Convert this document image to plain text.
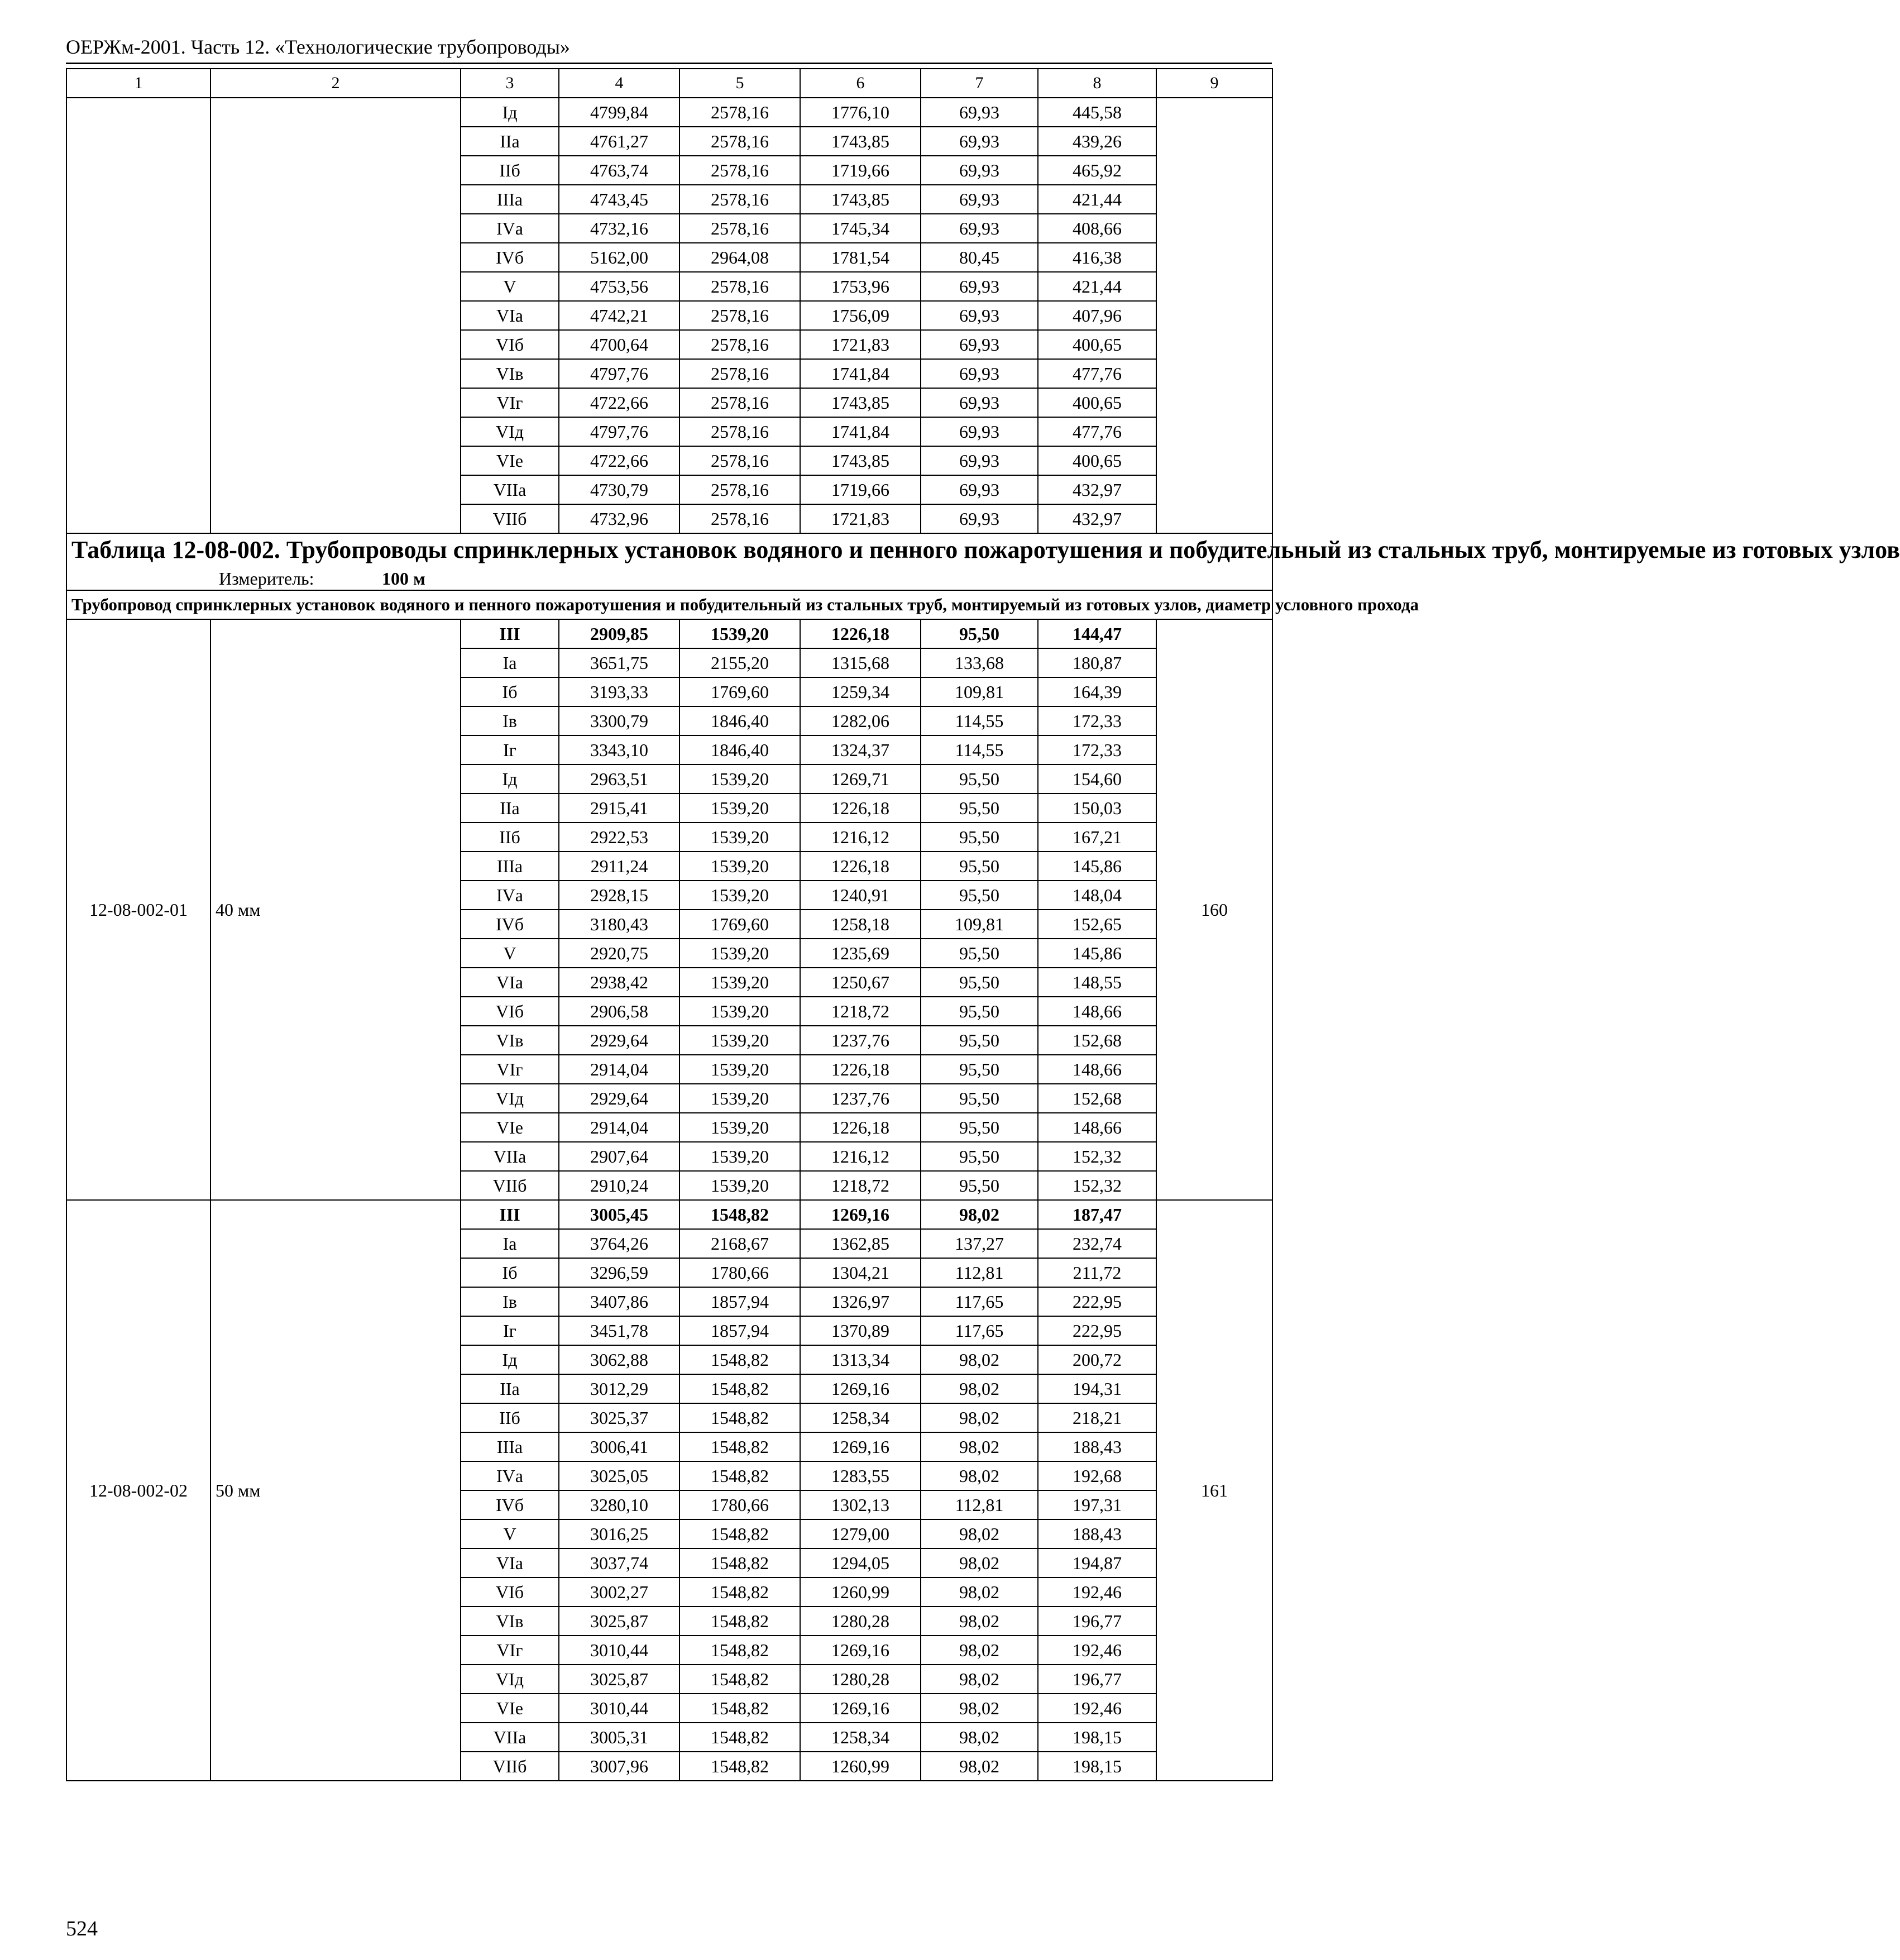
ОЕРЖм-2001. Часть 12. «Технологические трубопроводы»
1	2	3	4	5	6	7	8	9
		Iд	4799,84	2578,16	1776,10	69,93	445,58	
		IIа	4761,27	2578,16	1743,85	69,93	439,26	
		IIб	4763,74	2578,16	1719,66	69,93	465,92	
		IIIа	4743,45	2578,16	1743,85	69,93	421,44	
		IVа	4732,16	2578,16	1745,34	69,93	408,66	
		IVб	5162,00	2964,08	1781,54	80,45	416,38	
		V	4753,56	2578,16	1753,96	69,93	421,44	
		VIа	4742,21	2578,16	1756,09	69,93	407,96	
		VIб	4700,64	2578,16	1721,83	69,93	400,65	
		VIв	4797,76	2578,16	1741,84	69,93	477,76	
		VIг	4722,66	2578,16	1743,85	69,93	400,65	
		VIд	4797,76	2578,16	1741,84	69,93	477,76	
		VIе	4722,66	2578,16	1743,85	69,93	400,65	
		VIIа	4730,79	2578,16	1719,66	69,93	432,97	
		VIIб	4732,96	2578,16	1721,83	69,93	432,97	

Таблица 12-08-002. Трубопроводы спринклерных установок водяного и пенного пожаротушения и побудительный из стальных труб, монтируемые из готовых узлов
Измеритель: 100 м								

Трубопровод спринклерных установок водяного и пенного пожаротушения и побудительный из стальных труб, монтируемый из готовых узлов, диаметр условного прохода								
12-08-002-01	40 мм	III	2909,85	1539,20	1226,18	95,50	144,47	160
		Iа	3651,75	2155,20	1315,68	133,68	180,87	
		Iб	3193,33	1769,60	1259,34	109,81	164,39	
		Iв	3300,79	1846,40	1282,06	114,55	172,33	
		Iг	3343,10	1846,40	1324,37	114,55	172,33	
		Iд	2963,51	1539,20	1269,71	95,50	154,60	
		IIа	2915,41	1539,20	1226,18	95,50	150,03	
		IIб	2922,53	1539,20	1216,12	95,50	167,21	
		IIIа	2911,24	1539,20	1226,18	95,50	145,86	
		IVа	2928,15	1539,20	1240,91	95,50	148,04	
		IVб	3180,43	1769,60	1258,18	109,81	152,65	
		V	2920,75	1539,20	1235,69	95,50	145,86	
		VIа	2938,42	1539,20	1250,67	95,50	148,55	
		VIб	2906,58	1539,20	1218,72	95,50	148,66	
		VIв	2929,64	1539,20	1237,76	95,50	152,68	
		VIг	2914,04	1539,20	1226,18	95,50	148,66	
		VIд	2929,64	1539,20	1237,76	95,50	152,68	
		VIе	2914,04	1539,20	1226,18	95,50	148,66	
		VIIа	2907,64	1539,20	1216,12	95,50	152,32	
		VIIб	2910,24	1539,20	1218,72	95,50	152,32	
12-08-002-02	50 мм	III	3005,45	1548,82	1269,16	98,02	187,47	161
		Iа	3764,26	2168,67	1362,85	137,27	232,74	
		Iб	3296,59	1780,66	1304,21	112,81	211,72	
		Iв	3407,86	1857,94	1326,97	117,65	222,95	
		Iг	3451,78	1857,94	1370,89	117,65	222,95	
		Iд	3062,88	1548,82	1313,34	98,02	200,72	
		IIа	3012,29	1548,82	1269,16	98,02	194,31	
		IIб	3025,37	1548,82	1258,34	98,02	218,21	
		IIIа	3006,41	1548,82	1269,16	98,02	188,43	
		IVа	3025,05	1548,82	1283,55	98,02	192,68	
		IVб	3280,10	1780,66	1302,13	112,81	197,31	
		V	3016,25	1548,82	1279,00	98,02	188,43	
		VIа	3037,74	1548,82	1294,05	98,02	194,87	
		VIб	3002,27	1548,82	1260,99	98,02	192,46	
		VIв	3025,87	1548,82	1280,28	98,02	196,77	
		VIг	3010,44	1548,82	1269,16	98,02	192,46	
		VIд	3025,87	1548,82	1280,28	98,02	196,77	
		VIе	3010,44	1548,82	1269,16	98,02	192,46	
		VIIа	3005,31	1548,82	1258,34	98,02	198,15	
		VIIб	3007,96	1548,82	1260,99	98,02	198,15	
524
